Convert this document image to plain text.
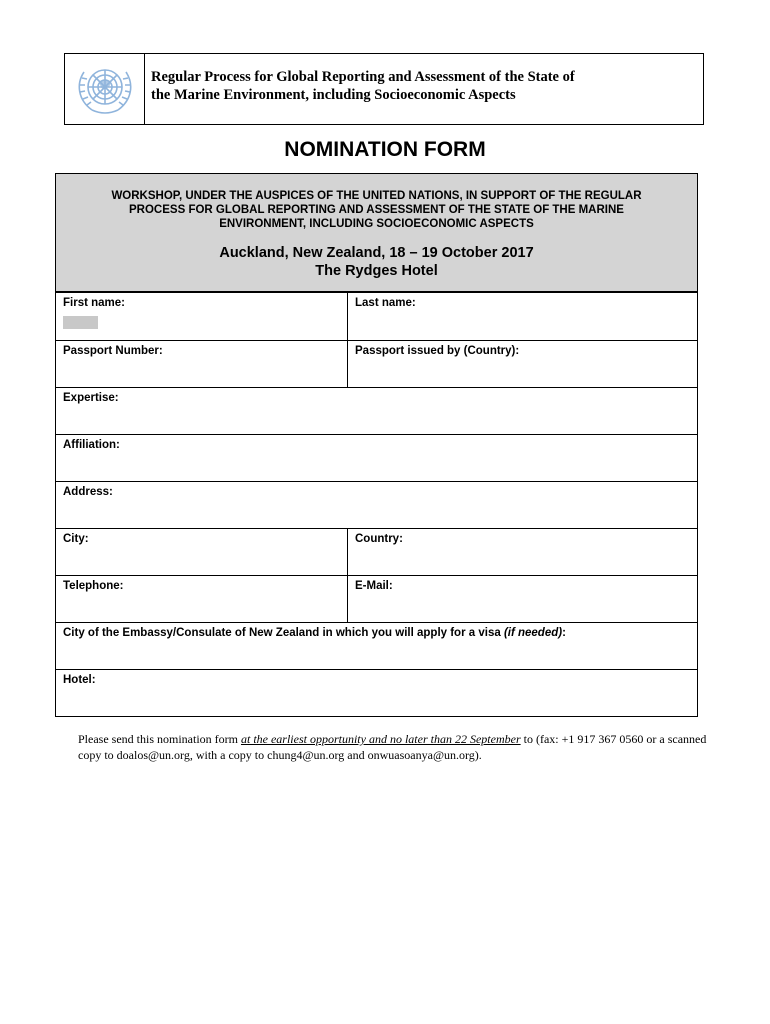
Regular Process for Global Reporting and Assessment of the State of
the Marine Environment, including Socioeconomic Aspects
NOMINATION FORM
WORKSHOP, UNDER THE AUSPICES OF THE UNITED NATIONS, IN SUPPORT OF THE REGULAR
PROCESS FOR GLOBAL REPORTING AND ASSESSMENT OF THE STATE OF THE MARINE
ENVIRONMENT, INCLUDING SOCIOECONOMIC ASPECTS
Auckland, New Zealand, 18 – 19 October 2017
The Rydges Hotel
First name:	Last name:
Passport Number:	Passport issued by (Country):
Expertise:
Affiliation:
Address:
City:	Country:
Telephone:	E-Mail:
City of the Embassy/Consulate of New Zealand in which you will apply for a visa (if needed):
Hotel:
Please send this nomination form at the earliest opportunity and no later than 22 September to (fax: +1 917 367 0560 or a scanned copy to doalos@un.org, with a copy to chung4@un.org and onwuasoanya@un.org).
